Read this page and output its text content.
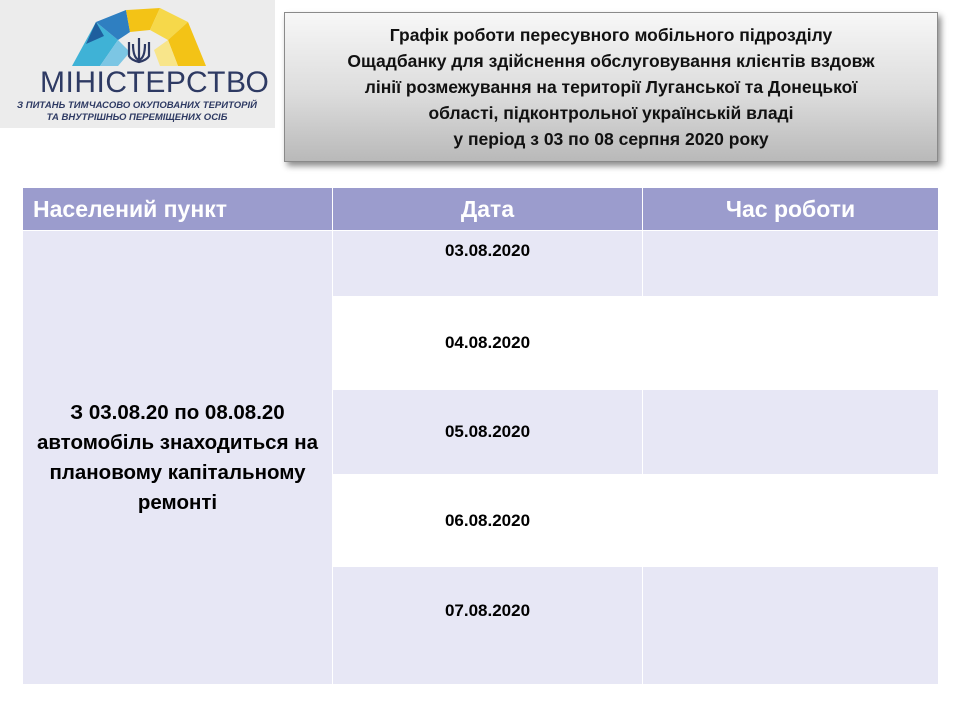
МІНІСТЕРСТВО
З ПИТАНЬ ТИМЧАСОВО ОКУПОВАНИХ ТЕРИТОРІЙ
ТА ВНУТРІШНЬО ПЕРЕМІЩЕНИХ ОСІБ
Графік роботи пересувного мобільного підрозділу
Ощадбанку для здійснення обслуговування клієнтів вздовж
лінії розмежування на території Луганської та Донецької
області, підконтрольної українській владі
у період з 03 по 08 серпня 2020 року
Населений пункт	Дата	Час роботи
З 03.08.20 по 08.08.20 автомобіль знаходиться на плановому капітальному ремонті	03.08.2020	
	04.08.2020	
	05.08.2020	
	06.08.2020	
	07.08.2020	
